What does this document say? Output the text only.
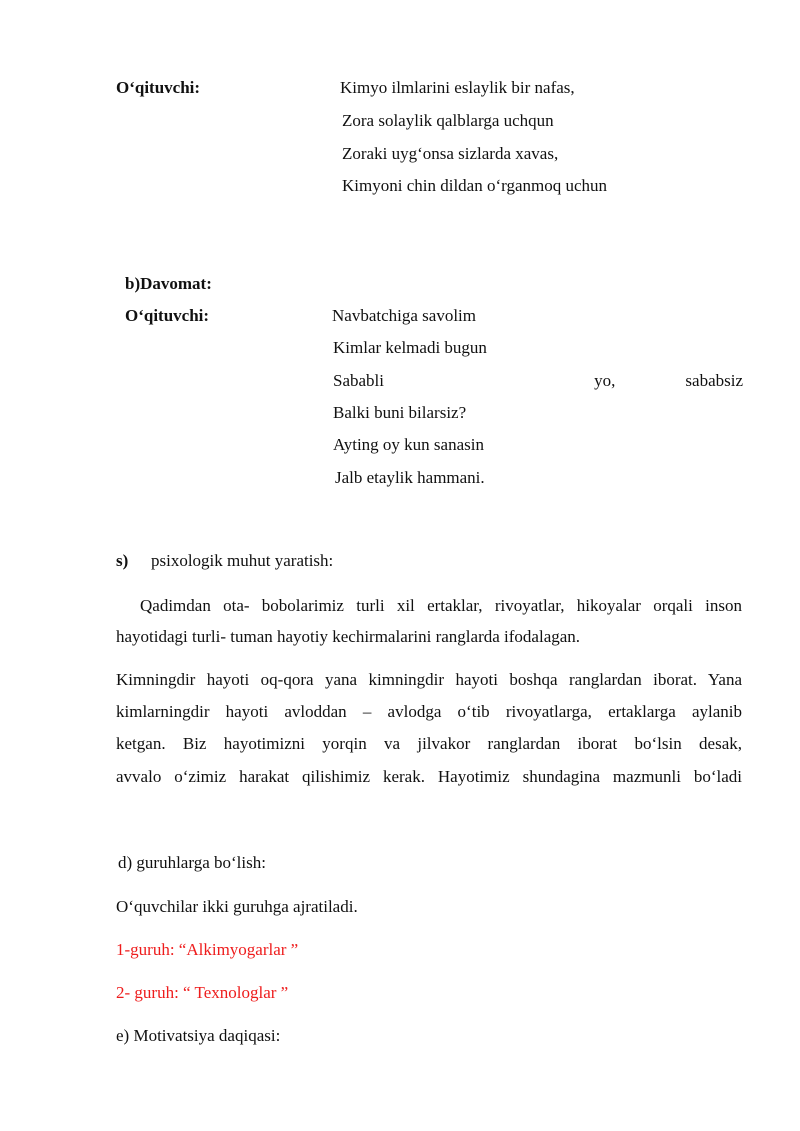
O‘qituvchi:	Kimyo ilmlarini eslaylik bir nafas,
Zora solaylik qalblarga uchqun
Zoraki uyg‘onsa sizlarda xavas,
Kimyoni chin dildan o‘rganmoq uchun
b)Davomat:
O‘qituvchi:	Navbatchiga savolim
Kimlar kelmadi bugun
Sababli	yo,	sababsiz
Balki buni bilarsiz?
Ayting oy kun sanasin
Jalb etaylik hammani.
s) psixologik muhut yaratish:
Qadimdan ota- bobolarimiz turli xil ertaklar, rivoyatlar, hikoyalar orqali inson
hayotidagi turli- tuman hayotiy kechirmalarini ranglarda ifodalagan.
Kimningdir hayoti oq-qora yana kimningdir hayoti boshqa ranglardan iborat. Yana
kimlarningdir hayoti avloddan – avlodga o‘tib rivoyatlarga, ertaklarga aylanib
ketgan. Biz hayotimizni yorqin va jilvakor ranglardan iborat bo‘lsin desak,
avvalo o‘zimiz harakat qilishimiz kerak. Hayotimiz shundagina mazmunli bo‘ladi
d) guruhlarga bo‘lish:
O‘quvchilar ikki guruhga ajratiladi.
1-guruh: “Alkimyogarlar ”
2- guruh: “ Texnologlar ”
e) Motivatsiya daqiqasi:
